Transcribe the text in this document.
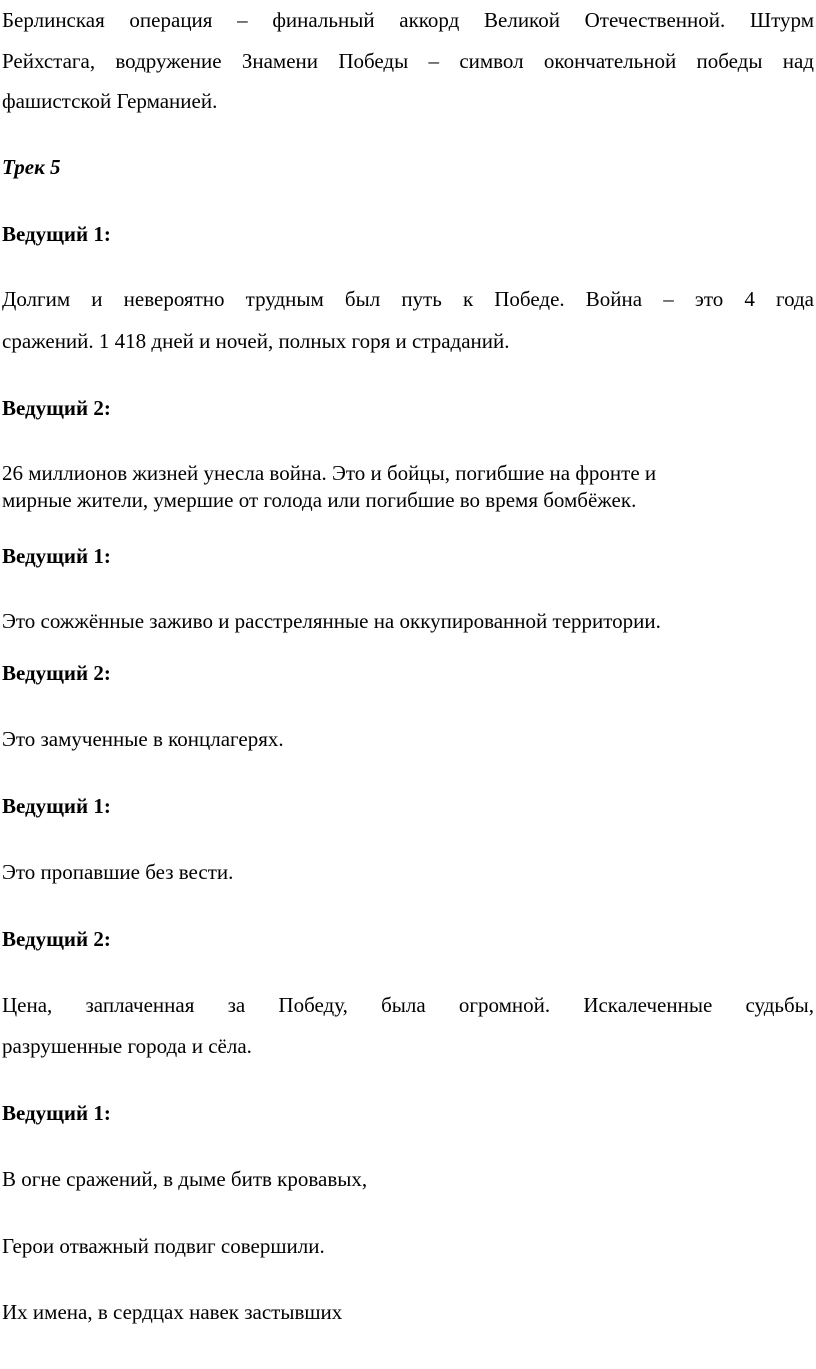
Берлинская операция – финальный аккорд Великой Отечественной. Штурм
Рейхстага, водружение Знамени Победы – символ окончательной победы над
фашистской Германией.
Трек 5
Ведущий 1:
Долгим и невероятно трудным был путь к Победе. Война – это 4 года
сражений. 1 418 дней и ночей, полных горя и страданий.
Ведущий 2:
26 миллионов жизней унесла война. Это и бойцы, погибшие на фронте и
мирные жители, умершие от голода или погибшие во время бомбёжек.
Ведущий 1:
Это сожжённые заживо и расстрелянные на оккупированной территории.
Ведущий 2:
Это замученные в концлагерях.
Ведущий 1:
Это пропавшие без вести.
Ведущий 2:
Цена, заплаченная за Победу, была огромной. Искалеченные судьбы,
разрушенные города и сёла.
Ведущий 1:
В огне сражений, в дыме битв кровавых,
Герои отважный подвиг совершили.
Их имена, в сердцах навек застывших
